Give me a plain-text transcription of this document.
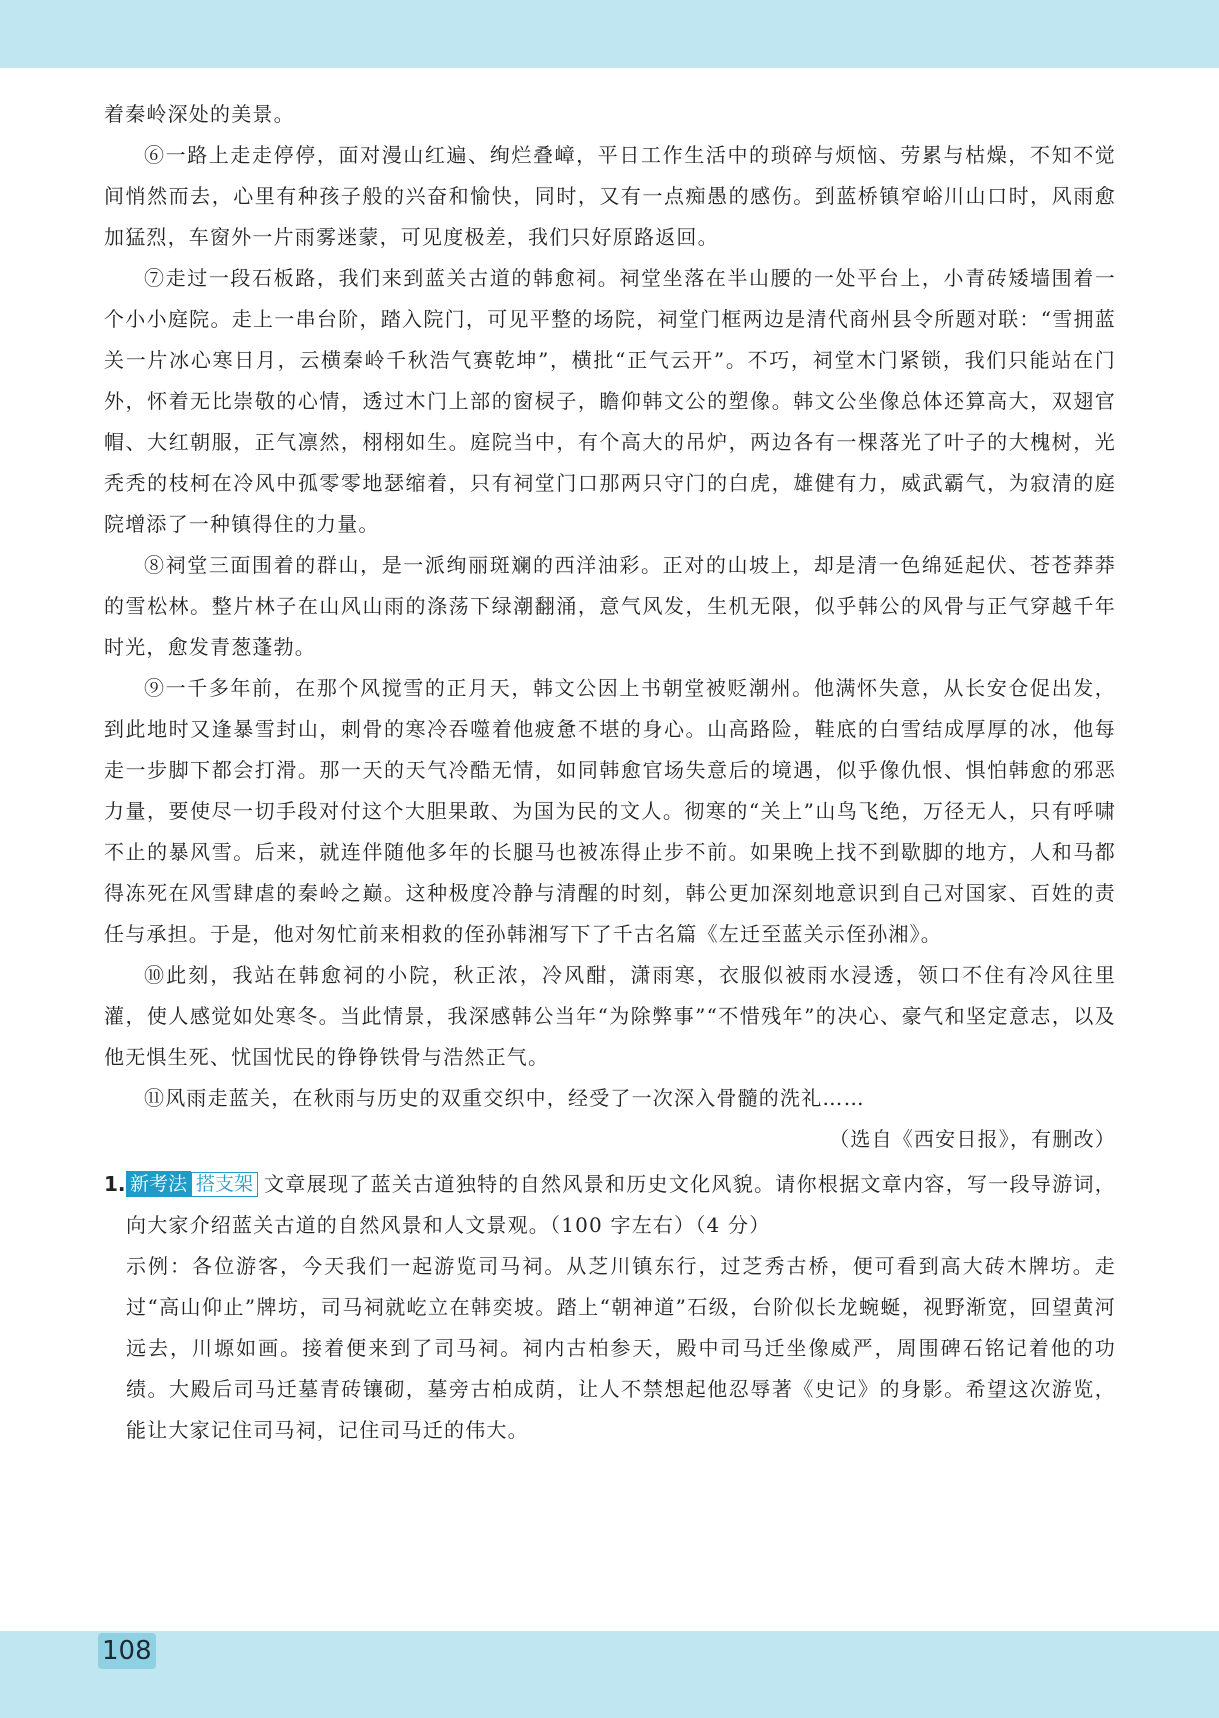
着秦岭深处的美景。

⑥一路上走走停停，面对漫山红遍、绚烂叠嶂，平日工作生活中的琐碎与烦恼、劳累与枯燥，不知不觉间悄然而去，心里有种孩子般的兴奋和愉快，同时，又有一点痴愚的感伤。到蓝桥镇窄峪川山口时，风雨愈加猛烈，车窗外一片雨雾迷蒙，可见度极差，我们只好原路返回。

⑦走过一段石板路，我们来到蓝关古道的韩愈祠。祠堂坐落在半山腰的一处平台上，小青砖矮墙围着一个小小庭院。走上一串台阶，踏入院门，可见平整的场院，祠堂门框两边是清代商州县令所题对联：“雪拥蓝关一片冰心寒日月，云横秦岭千秋浩气赛乾坤”，横批“正气云开”。不巧，祠堂木门紧锁，我们只能站在门外，怀着无比崇敬的心情，透过木门上部的窗棂子，瞻仰韩文公的塑像。韩文公坐像总体还算高大，双翅官帽、大红朝服，正气凛然，栩栩如生。庭院当中，有个高大的吊炉，两边各有一棵落光了叶子的大槐树，光秃秃的枝柯在冷风中孤零零地瑟缩着，只有祠堂门口那两只守门的白虎，雄健有力，威武霸气，为寂清的庭院增添了一种镇得住的力量。

⑧祠堂三面围着的群山，是一派绚丽斑斓的西洋油彩。正对的山坡上，却是清一色绵延起伏、苍苍莽莽的雪松林。整片林子在山风山雨的涤荡下绿潮翻涌，意气风发，生机无限，似乎韩公的风骨与正气穿越千年时光，愈发青葱蓬勃。

⑨一千多年前，在那个风搅雪的正月天，韩文公因上书朝堂被贬潮州。他满怀失意，从长安仓促出发，到此地时又逢暴雪封山，刺骨的寒冷吞噬着他疲惫不堪的身心。山高路险，鞋底的白雪结成厚厚的冰，他每走一步脚下都会打滑。那一天的天气冷酷无情，如同韩愈官场失意后的境遇，似乎像仇恨、惧怕韩愈的邪恶力量，要使尽一切手段对付这个大胆果敢、为国为民的文人。彻寒的“关上”山鸟飞绝，万径无人，只有呼啸不止的暴风雪。后来，就连伴随他多年的长腿马也被冻得止步不前。如果晚上找不到歇脚的地方，人和马都得冻死在风雪肆虐的秦岭之巅。这种极度冷静与清醒的时刻，韩公更加深刻地意识到自己对国家、百姓的责任与承担。于是，他对匆忙前来相救的侄孙韩湘写下了千古名篇《左迁至蓝关示侄孙湘》。

⑩此刻，我站在韩愈祠的小院，秋正浓，冷风酣，潇雨寒，衣服似被雨水浸透，领口不住有冷风往里灌，使人感觉如处寒冬。当此情景，我深感韩公当年“为除弊事”“不惜残年”的决心、豪气和坚定意志，以及他无惧生死、忧国忧民的铮铮铁骨与浩然正气。

⑪风雨走蓝关，在秋雨与历史的双重交织中，经受了一次深入骨髓的洗礼……

（选自《西安日报》，有删改）

1. 新考法 搭支架 文章展现了蓝关古道独特的自然风景和历史文化风貌。请你根据文章内容，写一段导游词，向大家介绍蓝关古道的自然风景和人文景观。（100 字左右）（4 分）

示例：各位游客，今天我们一起游览司马祠。从芝川镇东行，过芝秀古桥，便可看到高大砖木牌坊。走过“高山仰止”牌坊，司马祠就屹立在韩奕坡。踏上“朝神道”石级，台阶似长龙蜿蜒，视野渐宽，回望黄河远去，川塬如画。接着便来到了司马祠。祠内古柏参天，殿中司马迁坐像威严，周围碑石铭记着他的功绩。大殿后司马迁墓青砖镶砌，墓旁古柏成荫，让人不禁想起他忍辱著《史记》的身影。希望这次游览，能让大家记住司马祠，记住司马迁的伟大。

108
